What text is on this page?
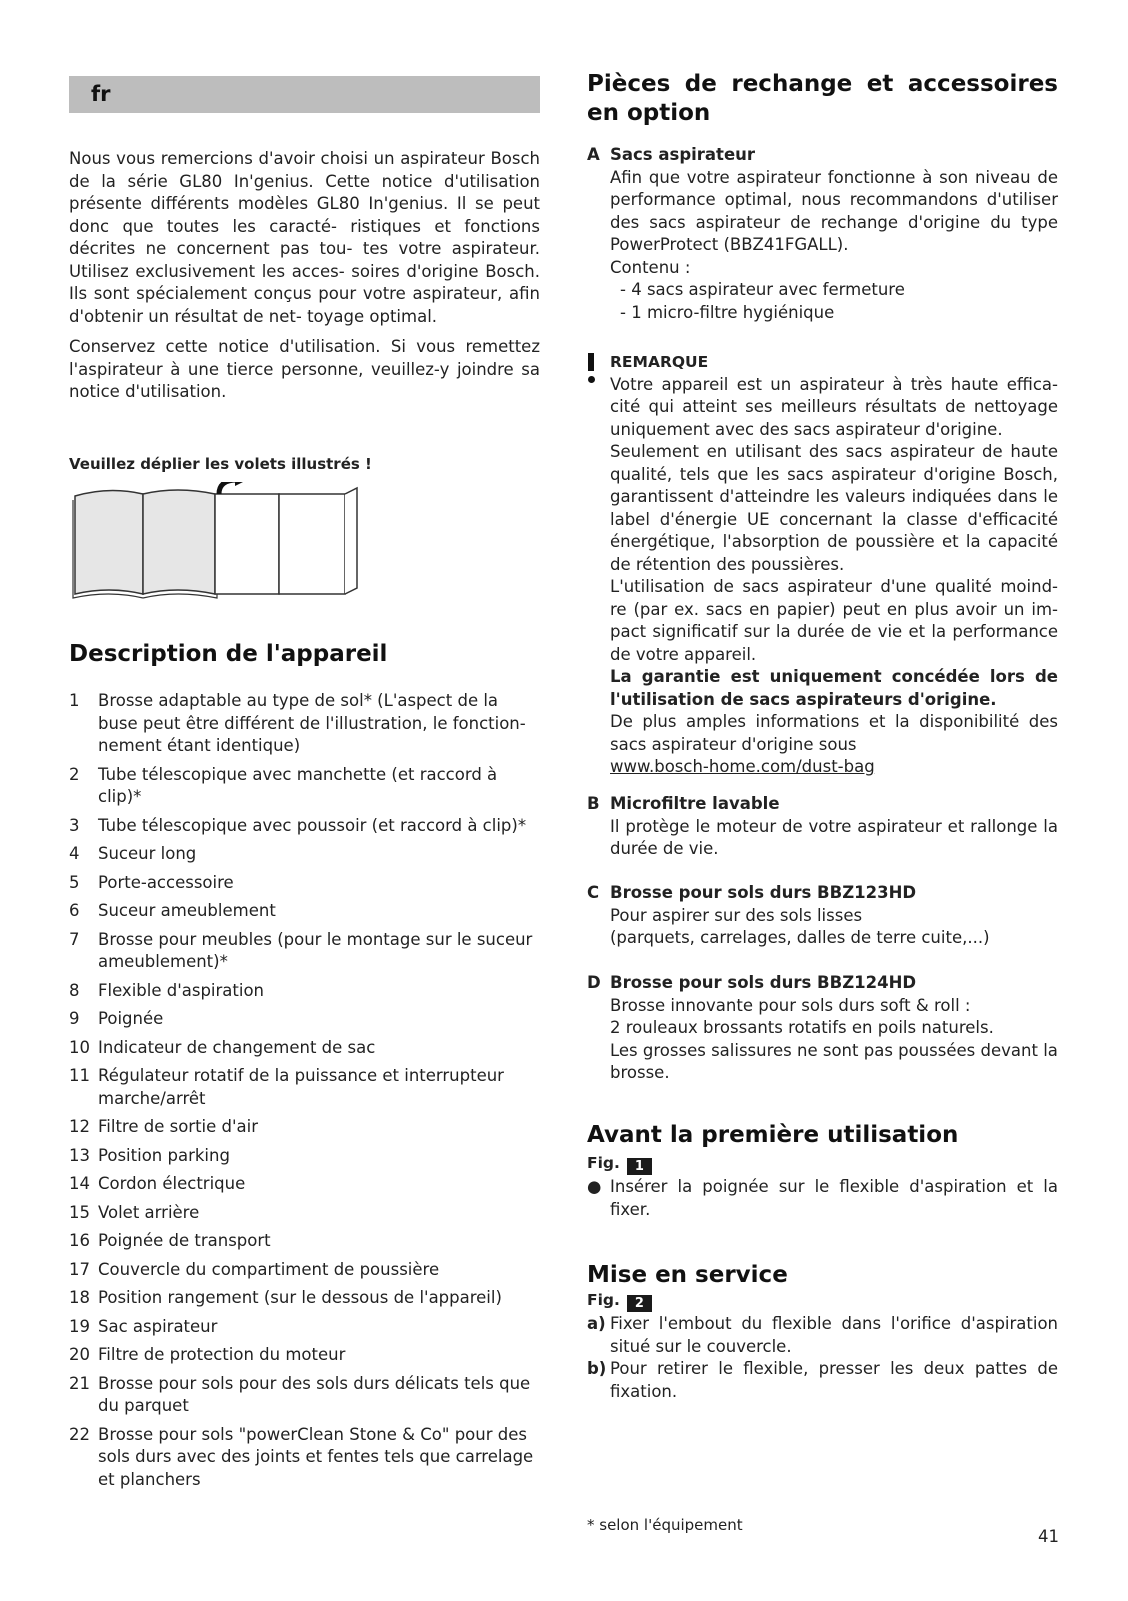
fr

Nous vous remercions d'avoir choisi un aspirateur Bosch de la série GL80 In'genius. Cette notice d'utilisation présente différents modèles GL80 In'genius. Il se peut donc que toutes les caracté- ristiques et fonctions décrites ne concernent pas tou- tes votre aspirateur. Utilisez exclusivement les acces- soires d'origine Bosch. Ils sont spécialement conçus pour votre aspirateur, afin d'obtenir un résultat de net- toyage optimal.

Conservez cette notice d'utilisation. Si vous remettez l'aspirateur à une tierce personne, veuillez-y joindre sa notice d'utilisation.

Veuillez déplier les volets illustrés !
Description de l'appareil
1	Brosse adaptable au type de sol* (L'aspect de la buse peut être différent de l'illustration, le fonction- nement étant identique)
2	Tube télescopique avec manchette (et raccord à clip)*
3	Tube télescopique avec poussoir (et raccord à clip)*
4	Suceur long
5	Porte-accessoire
6	Suceur ameublement
7	Brosse pour meubles (pour le montage sur le suceur ameublement)*
8	Flexible d'aspiration
9	Poignée
10 Indicateur de changement de sac
11 Régulateur rotatif de la puissance et interrupteur marche/arrêt
12 Filtre de sortie d'air
13 Position parking
14 Cordon électrique
15 Volet arrière
16 Poignée de transport
17 Couvercle du compartiment de poussière
18 Position rangement (sur le dessous de l'appareil)
19 Sac aspirateur
20 Filtre de protection du moteur
21 Brosse pour sols pour des sols durs délicats tels que du parquet
22 Brosse pour sols "powerClean Stone & Co" pour des sols durs avec des joints et fentes tels que carrelage et planchers
Pièces de rechange et accessoires en option
A Sacs aspirateur
Afin que votre aspirateur fonctionne à son niveau de performance optimal, nous recommandons d'utiliser des sacs aspirateur de rechange d'origine du type PowerProtect (BBZ41FGALL).
Contenu :
- 4 sacs aspirateur avec fermeture
- 1 micro-filtre hygiénique
REMARQUE
Votre appareil est un aspirateur à très haute effica- cité qui atteint ses meilleurs résultats de nettoyage uniquement avec des sacs aspirateur d'origine.
Seulement en utilisant des sacs aspirateur de haute qualité, tels que les sacs aspirateur d'origine Bosch, garantissent d'atteindre les valeurs indiquées dans le label d'énergie UE concernant la classe d'efficacité énergétique, l'absorption de poussière et la capacité de rétention des poussières.
L'utilisation de sacs aspirateur d'une qualité moind- re (par ex. sacs en papier) peut en plus avoir un im- pact significatif sur la durée de vie et la performance de votre appareil.
La garantie est uniquement concédée lors de l'utilisation de sacs aspirateurs d'origine.
De plus amples informations et la disponibilité des sacs aspirateur d'origine sous
www.bosch-home.com/dust-bag
B Microfiltre lavable
Il protège le moteur de votre aspirateur et rallonge la durée de vie.
C Brosse pour sols durs BBZ123HD
Pour aspirer sur des sols lisses
(parquets, carrelages, dalles de terre cuite,...)
D Brosse pour sols durs BBZ124HD
Brosse innovante pour sols durs soft & roll :
2 rouleaux brossants rotatifs en poils naturels.
Les grosses salissures ne sont pas poussées devant la brosse.
Avant la première utilisation
Fig.	1
● Insérer la poignée sur le flexible d'aspiration et la fixer.
Mise en service
Fig.	2
a) Fixer l'embout du flexible dans l'orifice d'aspiration situé sur le couvercle.
b) Pour retirer le flexible, presser les deux pattes de fixation.
* selon l'équipement
41
